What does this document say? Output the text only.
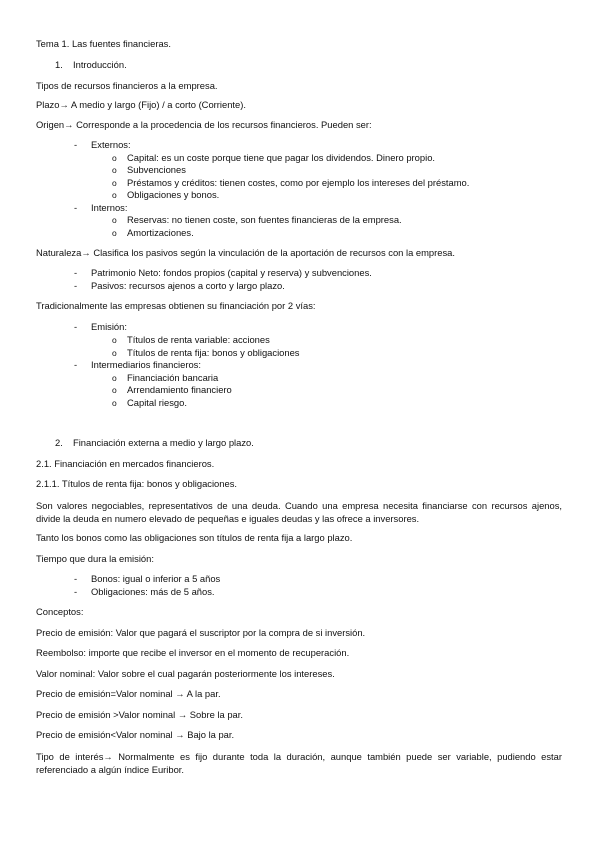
Tema 1. Las fuentes financieras.
1. Introducción.
Tipos de recursos financieros a la empresa.
Plazo→ A medio y largo (Fijo) / a corto (Corriente).
Origen→ Corresponde a la procedencia de los recursos financieros. Pueden ser:
- Externos:
o Capital: es un coste porque tiene que pagar los dividendos. Dinero propio.
o Subvenciones
o Préstamos y créditos: tienen costes, como por ejemplo los intereses del préstamo.
o Obligaciones y bonos.
- Internos:
o Reservas: no tienen coste, son fuentes financieras de la empresa.
o Amortizaciones.
Naturaleza→ Clasifica los pasivos según la vinculación de la aportación de recursos con la empresa.
- Patrimonio Neto: fondos propios (capital y reserva) y subvenciones.
- Pasivos: recursos ajenos a corto y largo plazo.
Tradicionalmente las empresas obtienen su financiación por 2 vías:
- Emisión:
o Títulos de renta variable: acciones
o Títulos de renta fija: bonos y obligaciones
- Intermediarios financieros:
o Financiación bancaria
o Arrendamiento financiero
o Capital riesgo.
2. Financiación externa a medio y largo plazo.
2.1. Financiación en mercados financieros.
2.1.1. Títulos de renta fija: bonos y obligaciones.
Son valores negociables, representativos de una deuda. Cuando una empresa necesita financiarse con recursos ajenos, divide la deuda en numero elevado de pequeñas e iguales deudas y las ofrece a inversores.
Tanto los bonos como las obligaciones son títulos de renta fija a largo plazo.
Tiempo que dura la emisión:
- Bonos: igual o inferior a 5 años
- Obligaciones: más de 5 años.
Conceptos:
Precio de emisión: Valor que pagará el suscriptor por la compra de si inversión.
Reembolso: importe que recibe el inversor en el momento de recuperación.
Valor nominal: Valor sobre el cual pagarán posteriormente los intereses.
Precio de emisión=Valor nominal → A la par.
Precio de emisión >Valor nominal → Sobre la par.
Precio de emisión<Valor nominal → Bajo la par.
Tipo de interés→ Normalmente es fijo durante toda la duración, aunque también puede ser variable, pudiendo estar referenciado a algún índice Euribor.
